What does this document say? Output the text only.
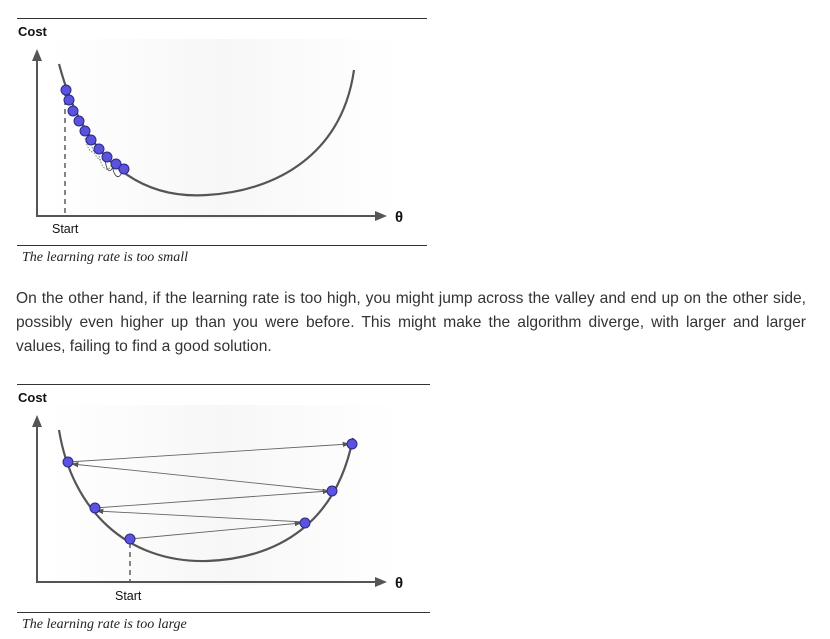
Cost
θ
Start
The learning rate is too small

On the other hand, if the learning rate is too high, you might jump across the valley and end up on the other side, possibly even higher up than you were before. This might make the algorithm diverge, with larger and larger values, failing to find a good solution.

Cost
θ
Start
The learning rate is too large
